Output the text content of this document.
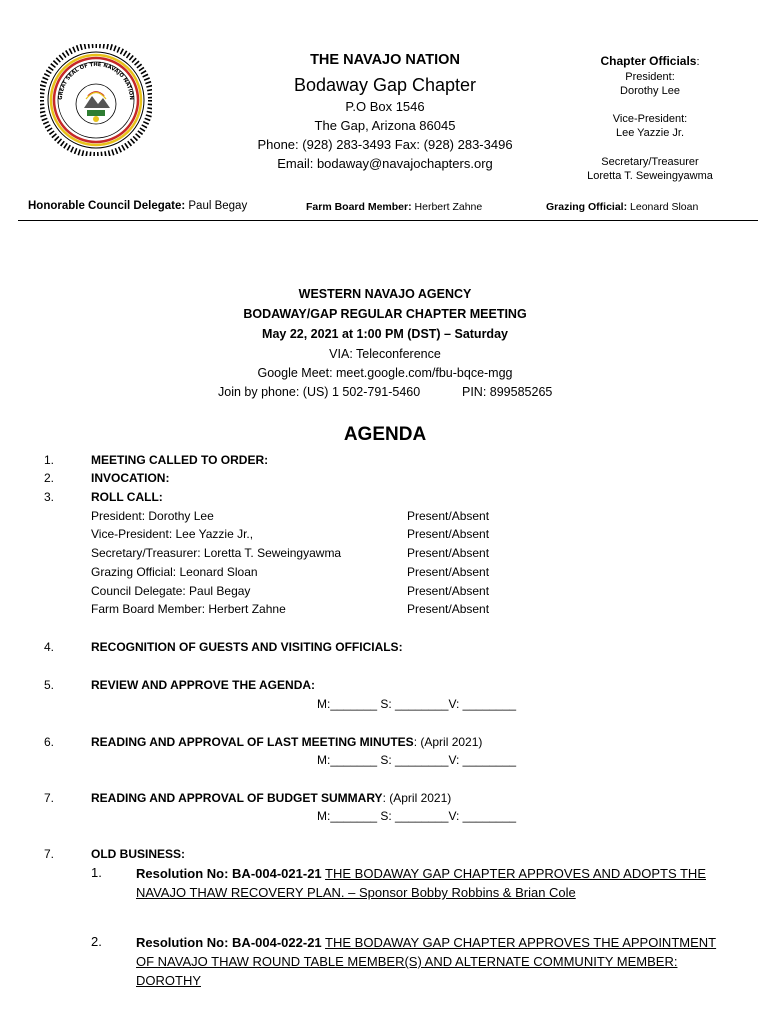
GREAT SEAL OF THE NAVAJO NATION
THE NAVAJO NATION
Bodaway Gap Chapter
P.O Box 1546
The Gap, Arizona 86045
Phone: (928) 283-3493 Fax: (928) 283-3496
Email: bodaway@navajochapters.org
Chapter Officials:
President:
Dorothy Lee
Vice-President:
Lee Yazzie Jr.
Secretary/Treasurer
Loretta T. Seweingyawma
Honorable Council Delegate: Paul Begay	Farm Board Member: Herbert Zahne	Grazing Official: Leonard Sloan
WESTERN NAVAJO AGENCY
BODAWAY/GAP REGULAR CHAPTER MEETING
May 22, 2021 at 1:00 PM (DST) – Saturday
VIA: Teleconference
Google Meet: meet.google.com/fbu-bqce-mgg
Join by phone: (US) 1 502-791-5460	PIN: 899585265
AGENDA
1.	MEETING CALLED TO ORDER:
2.	INVOCATION:
3.	ROLL CALL:
President: Dorothy Lee	Present/Absent
Vice-President: Lee Yazzie Jr.,	Present/Absent
Secretary/Treasurer: Loretta T. Seweingyawma	Present/Absent
Grazing Official: Leonard Sloan	Present/Absent
Council Delegate: Paul Begay	Present/Absent
Farm Board Member: Herbert Zahne	Present/Absent
4.	RECOGNITION OF GUESTS AND VISITING OFFICIALS:
5.	REVIEW AND APPROVE THE AGENDA:
M:_______ S: ________V: ________
6.	READING AND APPROVAL OF LAST MEETING MINUTES: (April 2021)
M:_______ S: ________V: ________
7.	READING AND APPROVAL OF BUDGET SUMMARY: (April 2021)
M:_______ S: ________V: ________
7.	OLD BUSINESS:
1.	Resolution No: BA-004-021-21 THE BODAWAY GAP CHAPTER APPROVES AND ADOPTS THE NAVAJO THAW RECOVERY PLAN. – Sponsor Bobby Robbins & Brian Cole
2.	Resolution No: BA-004-022-21 THE BODAWAY GAP CHAPTER APPROVES THE APPOINTMENT OF NAVAJO THAW ROUND TABLE MEMBER(S) AND ALTERNATE COMMUNITY MEMBER: DOROTHY
